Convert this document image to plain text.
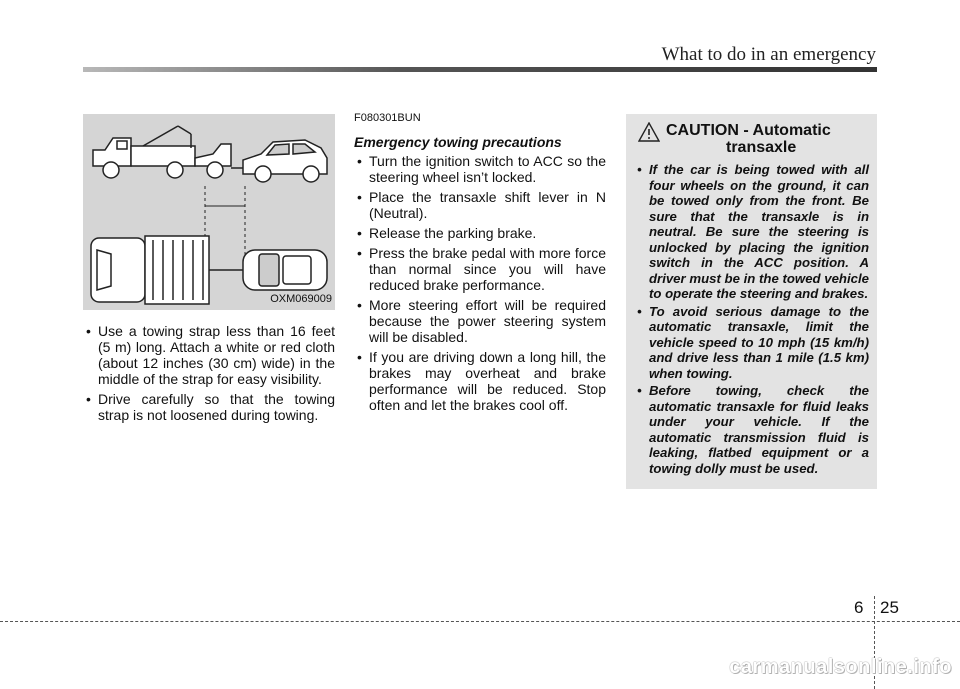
What to do in an emergency
OXM069009
• Use a towing strap less than 16 feet (5 m) long. Attach a white or red cloth (about 12 inches (30 cm) wide) in the middle of the strap for easy visibility.
• Drive carefully so that the towing strap is not loosened during towing.
F080301BUN
Emergency towing precautions
• Turn the ignition switch to ACC so the steering wheel isn’t locked.
• Place the transaxle shift lever in N (Neutral).
• Release the parking brake.
• Press the brake pedal with more force than normal since you will have reduced brake performance.
• More steering effort will be required because the power steering system will be disabled.
• If you are driving down a long hill, the brakes may overheat and brake performance will be reduced. Stop often and let the brakes cool off.
CAUTION - Automatic
transaxle
• If the car is being towed with all four wheels on the ground, it can be towed only from the front. Be sure that the transaxle is in neutral. Be sure the steering is unlocked by placing the ignition switch in the ACC position. A driver must be in the towed vehicle to operate the steering and brakes.
• To avoid serious damage to the automatic transaxle, limit the vehicle speed to 10 mph (15 km/h) and drive less than 1 mile (1.5 km) when towing.
• Before towing, check the automatic transaxle for fluid leaks under your vehicle. If the automatic transmission fluid is leaking, flatbed equipment or a towing dolly must be used.
6 25
carmanualsonline.info
